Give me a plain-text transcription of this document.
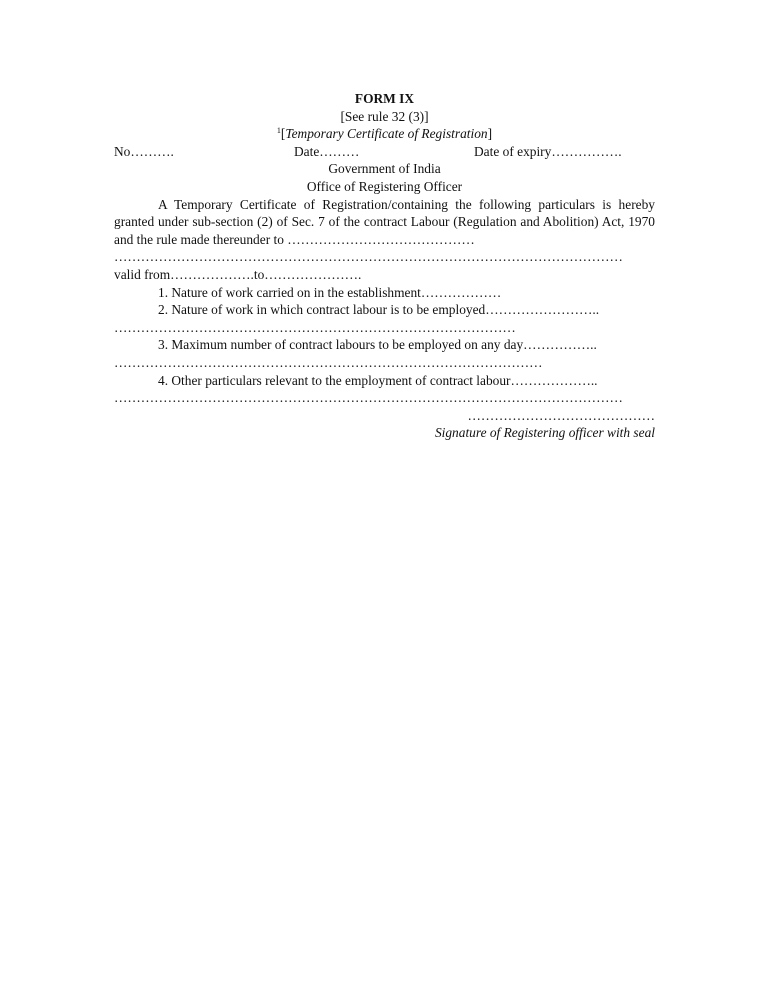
FORM IX
[See rule 32 (3)]
$^1$[Temporary Certificate of Registration]
No……….	Date………	Date of expiry…………….
Government of India
Office of Registering Officer
A Temporary Certificate of Registration/containing the following particulars is hereby granted under sub-section (2) of Sec. 7 of the contract Labour (Regulation and Abolition) Act, 1970 and the rule made thereunder to ……………………………………
……………………………………………………………………………………………………
valid from……………….to………………….
1. Nature of work carried on in the establishment………………
2. Nature of work in which contract labour is to be employed……………………..
………………………………………………………………………………
3. Maximum number of contract labours to be employed on any day……………..
……………………………………………………………………………………
4. Other particulars relevant to the employment of contract labour………………..
……………………………………………………………………………………………………
……………………………………
Signature of Registering officer with seal
